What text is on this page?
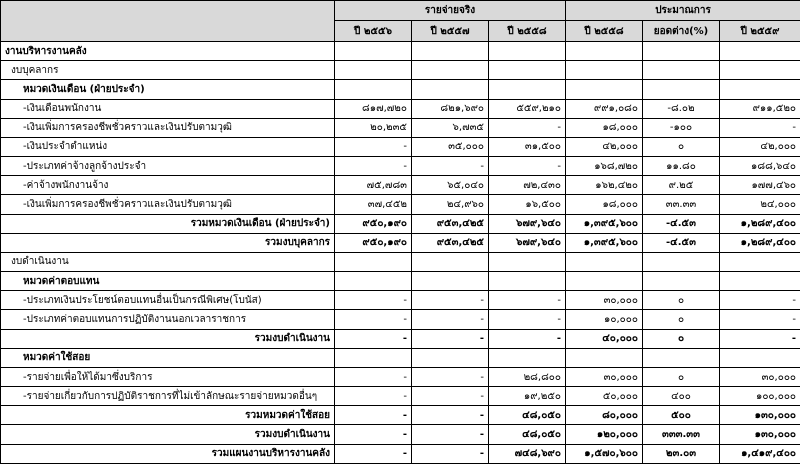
	รายจ่ายจริง			ประมาณการ		
	ปี ๒๕๕๖	ปี ๒๕๕๗	ปี ๒๕๕๘	ปี ๒๕๕๘	ยอดต่าง(%)	ปี ๒๕๕๙
งานบริหารงานคลัง						
งบบุคลากร						
หมวดเงินเดือน (ฝ่ายประจำ)						
-เงินเดือนพนักงาน	๘๑๗,๗๒๐	๘๒๑,๖๙๐	๕๕๙,๒๑๐	๙๙๑,๐๘๐	-๘.๐๒	๙๑๑,๕๒๐
-เงินเพิ่มการครองชีพชั่วคราวและเงินปรับตามวุฒิ	๒๐,๒๓๕	๖,๗๓๕	-	๑๘,๐๐๐	-๑๐๐	-
-เงินประจำตำแหน่ง	-	๓๕,๐๐๐	๓๑,๕๐๐	๔๒,๐๐๐	๐	๔๒,๐๐๐
-ประเภทค่าจ้างลูกจ้างประจำ	-	-	-	๑๖๘,๗๒๐	๑๑.๘๐	๑๘๘,๖๔๐
-ค่าจ้างพนักงานจ้าง	๗๕,๗๘๓	๖๕,๐๔๐	๗๒,๔๓๐	๑๖๒,๔๒๐	๙.๒๕	๑๗๗,๔๖๐
-เงินเพิ่มการครองชีพชั่วคราวและเงินปรับตามวุฒิ	๓๗,๔๕๒	๒๔,๙๖๐	๑๖,๕๐๐	๑๘,๐๐๐	๓๓.๓๓	๒๔,๐๐๐
รวมหมวดเงินเดือน (ฝ่ายประจำ)	๙๕๐,๑๙๐	๙๕๓,๔๒๕	๖๗๙,๖๔๐	๑,๓๙๕,๖๐๐	-๔.๕๓	๑,๒๘๙,๔๐๐
รวมงบบุคลากร	๙๕๐,๑๙๐	๙๕๓,๔๒๕	๖๗๙,๖๔๐	๑,๓๙๕,๖๐๐	-๔.๕๓	๑,๒๘๙,๔๐๐
งบดำเนินงาน						
หมวดค่าตอบแทน						
-ประเภทเงินประโยชน์ตอบแทนอื่นเป็นกรณีพิเศษ(โบนัส)	-	-	-	๓๐,๐๐๐	๐	-
-ประเภทค่าตอบแทนการปฏิบัติงานนอกเวลาราชการ	-	-	-	๑๐,๐๐๐	๐	-
รวมงบดำเนินงาน	-	-	-	๔๐,๐๐๐	๐	-
หมวดค่าใช้สอย						
-รายจ่ายเพื่อให้ได้มาซึ่งบริการ	-	-	๒๘,๘๐๐	๓๐,๐๐๐	๐	๓๐,๐๐๐
-รายจ่ายเกี่ยวกับการปฏิบัติราชการที่ไม่เข้าลักษณะรายจ่ายหมวดอื่นๆ	-	-	๑๙,๒๕๐	๕๐,๐๐๐	๔๐๐	๑๐๐,๐๐๐
รวมหมวดค่าใช้สอย	-	-	๔๘,๐๕๐	๘๐,๐๐๐	๕๐๐	๑๓๐,๐๐๐
รวมงบดำเนินงาน	-	-	๔๘,๐๕๐	๑๒๐,๐๐๐	๓๓๓.๓๓	๑๓๐,๐๐๐
รวมแผนงานบริหารงานคลัง	-	-	๗๔๘,๖๙๐	๑,๕๗๐,๖๐๐	๒๓.๐๓	๑,๔๑๙,๔๐๐
